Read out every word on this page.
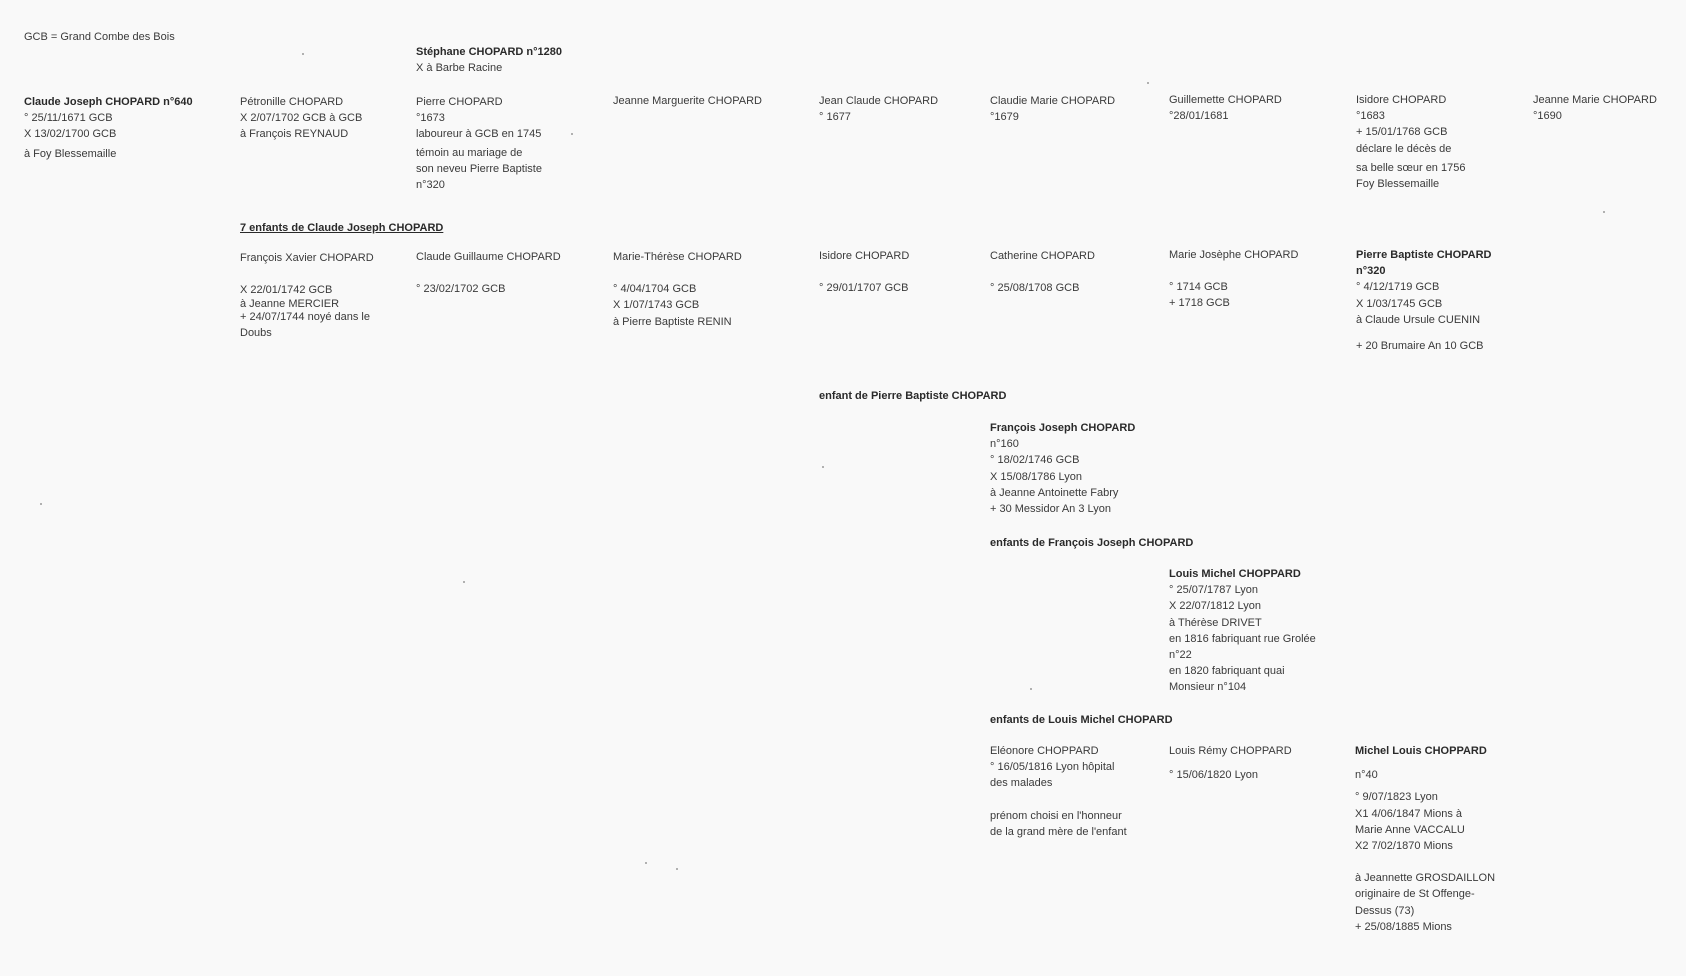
GCB = Grand Combe des Bois
Stéphane CHOPARD n°1280
X à Barbe Racine
Claude Joseph CHOPARD n°640
° 25/11/1671 GCB
X 13/02/1700 GCB
à Foy Blessemaille
Pétronille CHOPARD
X 2/07/1702 GCB à GCB
à François REYNAUD
Pierre CHOPARD
°1673
laboureur à GCB en 1745
témoin au mariage de
son neveu Pierre Baptiste
n°320
Jeanne Marguerite CHOPARD	Jean Claude CHOPARD
° 1677
Claudie Marie CHOPARD
°1679
Guillemette CHOPARD
°28/01/1681
Isidore CHOPARD
°1683
+ 15/01/1768 GCB
déclare le décès de
sa belle sœur en 1756
Foy Blessemaille
Jeanne Marie CHOPARD
°1690
7 enfants de Claude Joseph CHOPARD
François Xavier CHOPARD
X 22/01/1742 GCB
à Jeanne MERCIER
+ 24/07/1744 noyé dans le
Doubs
Claude Guillaume CHOPARD
° 23/02/1702 GCB
Marie-Thérèse CHOPARD
° 4/04/1704 GCB
X 1/07/1743 GCB
à Pierre Baptiste RENIN
Isidore CHOPARD
° 29/01/1707 GCB
Catherine CHOPARD
° 25/08/1708 GCB
Marie Josèphe CHOPARD
° 1714 GCB
+ 1718 GCB
Pierre Baptiste CHOPARD n°320
° 4/12/1719 GCB
X 1/03/1745 GCB
à Claude Ursule CUENIN
+ 20 Brumaire An 10 GCB
enfant de Pierre Baptiste CHOPARD
François Joseph CHOPARD
n°160
° 18/02/1746 GCB
X 15/08/1786 Lyon
à Jeanne Antoinette Fabry
+ 30 Messidor An 3 Lyon
enfants de François Joseph CHOPARD
Louis Michel CHOPPARD
° 25/07/1787 Lyon
X 22/07/1812 Lyon
à Thérèse DRIVET
en 1816 fabriquant rue Grolée
n°22
en 1820 fabriquant quai
Monsieur n°104
enfants de Louis Michel CHOPARD
Eléonore CHOPPARD
° 16/05/1816 Lyon hôpital
des malades
prénom choisi en l'honneur
de la grand mère de l'enfant
Louis Rémy CHOPPARD
° 15/06/1820 Lyon
Michel Louis CHOPPARD
n°40
° 9/07/1823 Lyon
X1 4/06/1847 Mions à
Marie Anne VACCALU
X2 7/02/1870 Mions
à Jeannette GROSDAILLON
originaire de St Offenge-
Dessus (73)
+ 25/08/1885 Mions
